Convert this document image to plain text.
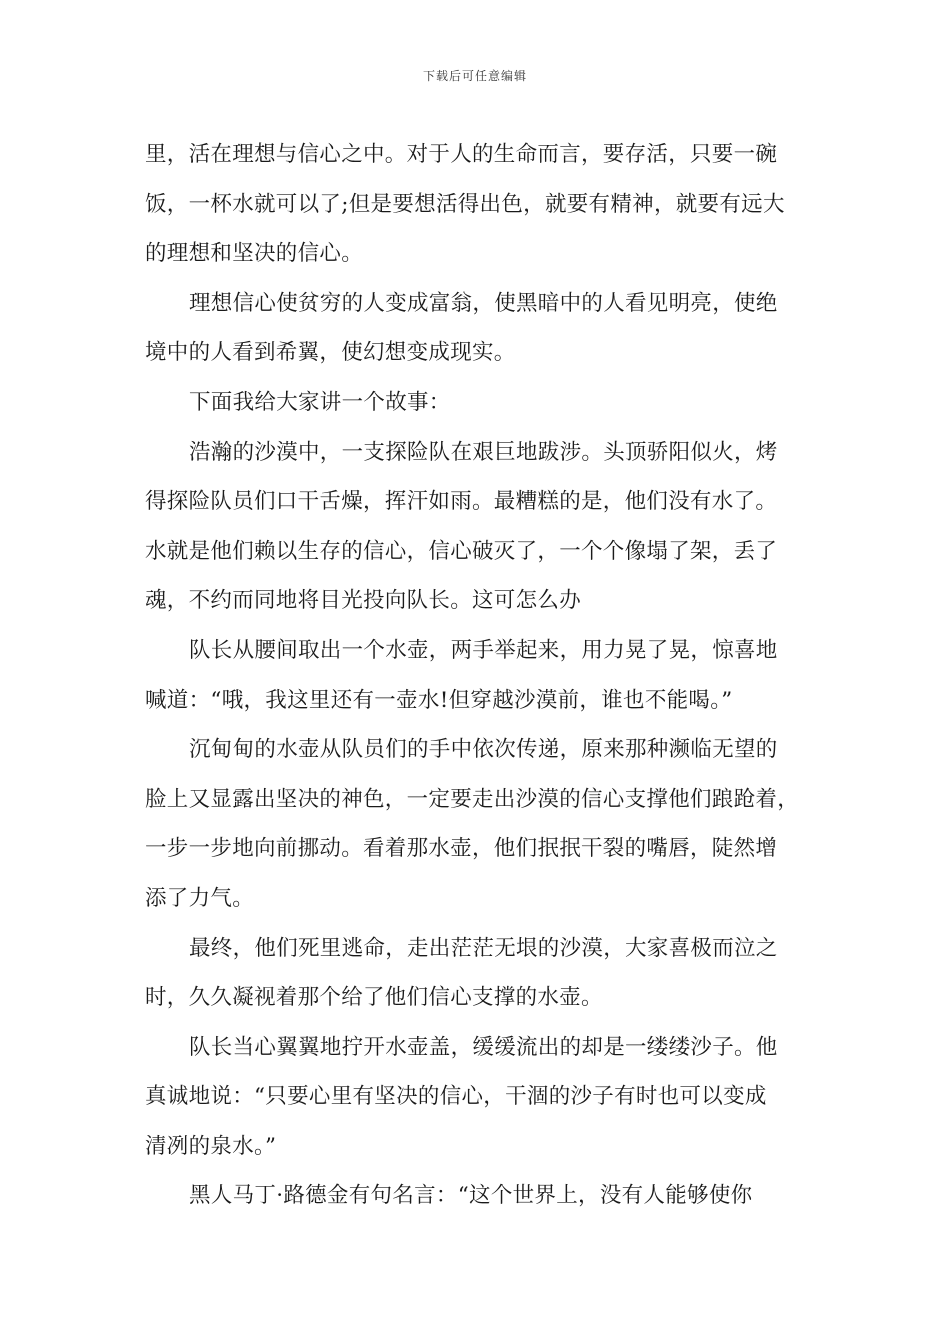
下载后可任意编辑
里，活在理想与信心之中。对于人的生命而言，要存活，只要一碗
饭，一杯水就可以了;但是要想活得出色，就要有精神，就要有远大
的理想和坚决的信心。
理想信心使贫穷的人变成富翁，使黑暗中的人看见明亮，使绝
境中的人看到希翼，使幻想变成现实。
下面我给大家讲一个故事：
浩瀚的沙漠中，一支探险队在艰巨地跋涉。头顶骄阳似火，烤
得探险队员们口干舌燥，挥汗如雨。最糟糕的是，他们没有水了。
水就是他们赖以生存的信心，信心破灭了，一个个像塌了架，丢了
魂，不约而同地将目光投向队长。这可怎么办
队长从腰间取出一个水壶，两手举起来，用力晃了晃，惊喜地
喊道：“哦，我这里还有一壶水!但穿越沙漠前，谁也不能喝。”
沉甸甸的水壶从队员们的手中依次传递，原来那种濒临无望的
脸上又显露出坚决的神色，一定要走出沙漠的信心支撑他们踉跄着，
一步一步地向前挪动。看着那水壶，他们抿抿干裂的嘴唇，陡然增
添了力气。
最终，他们死里逃命，走出茫茫无垠的沙漠，大家喜极而泣之
时，久久凝视着那个给了他们信心支撑的水壶。
队长当心翼翼地拧开水壶盖，缓缓流出的却是一缕缕沙子。他
真诚地说：“只要心里有坚决的信心，干涸的沙子有时也可以变成
清冽的泉水。”
黑人马丁·路德金有句名言：“这个世界上，没有人能够使你
